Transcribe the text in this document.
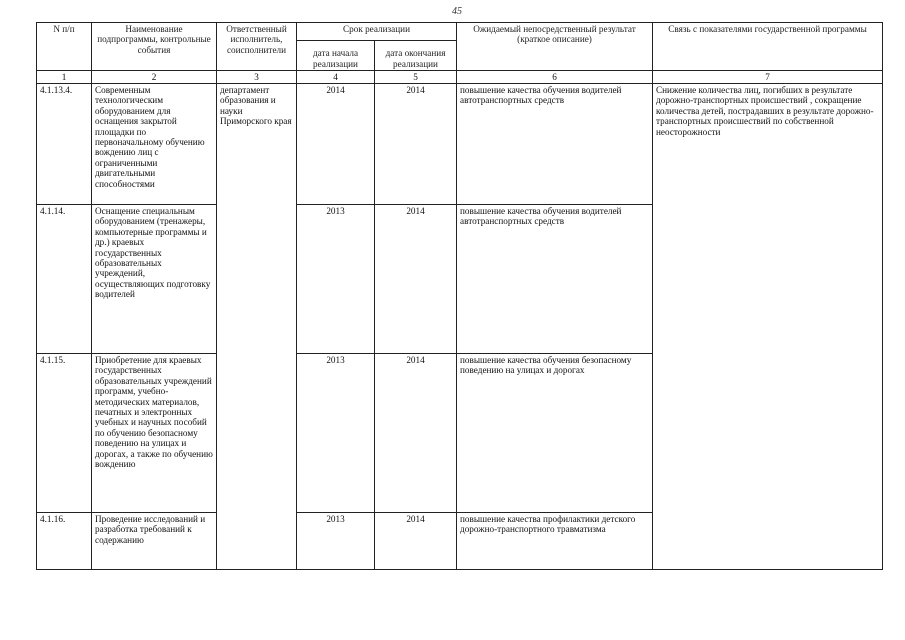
45
N п/п	Наименование подпрограммы, контрольные события	Ответственный исполнитель, соисполнители	Срок реализации		Ожидаемый непосредственный результат (краткое описание)	Связь с показателями государственной программы
			дата начала реализации	дата окончания реализации		
1	2	3	4	5	6	7
4.1.13.4.	Современным технологическим оборудованием для оснащения закрытой площадки по первоначальному обучению вождению лиц с ограниченными двигательными способностями	департамент образования и науки Приморского края	2014	2014	повышение качества обучения водителей автотранспортных средств	Снижение количества лиц, погибших в результате дорожно-транспортных происшествий , сокращение количества детей, пострадавших в результате дорожно-транспортных происшествий по собственной неосторожности
4.1.14.	Оснащение специальным оборудованием (тренажеры, компьютерные программы и др.) краевых государственных образовательных учреждений, осуществляющих подготовку водителей		2013	2014	повышение качества обучения водителей автотранспортных средств	
4.1.15.	Приобретение для краевых государственных образовательных учреждений программ, учебно-методических материалов, печатных и электронных учебных и научных пособий по обучению безопасному поведению на улицах и дорогах, а также по обучению вождению		2013	2014	повышение качества обучения безопасному поведению на улицах и дорогах	
4.1.16.	Проведение исследований и разработка требований к содержанию		2013	2014	повышение качества профилактики детского дорожно-транспортного травматизма	
